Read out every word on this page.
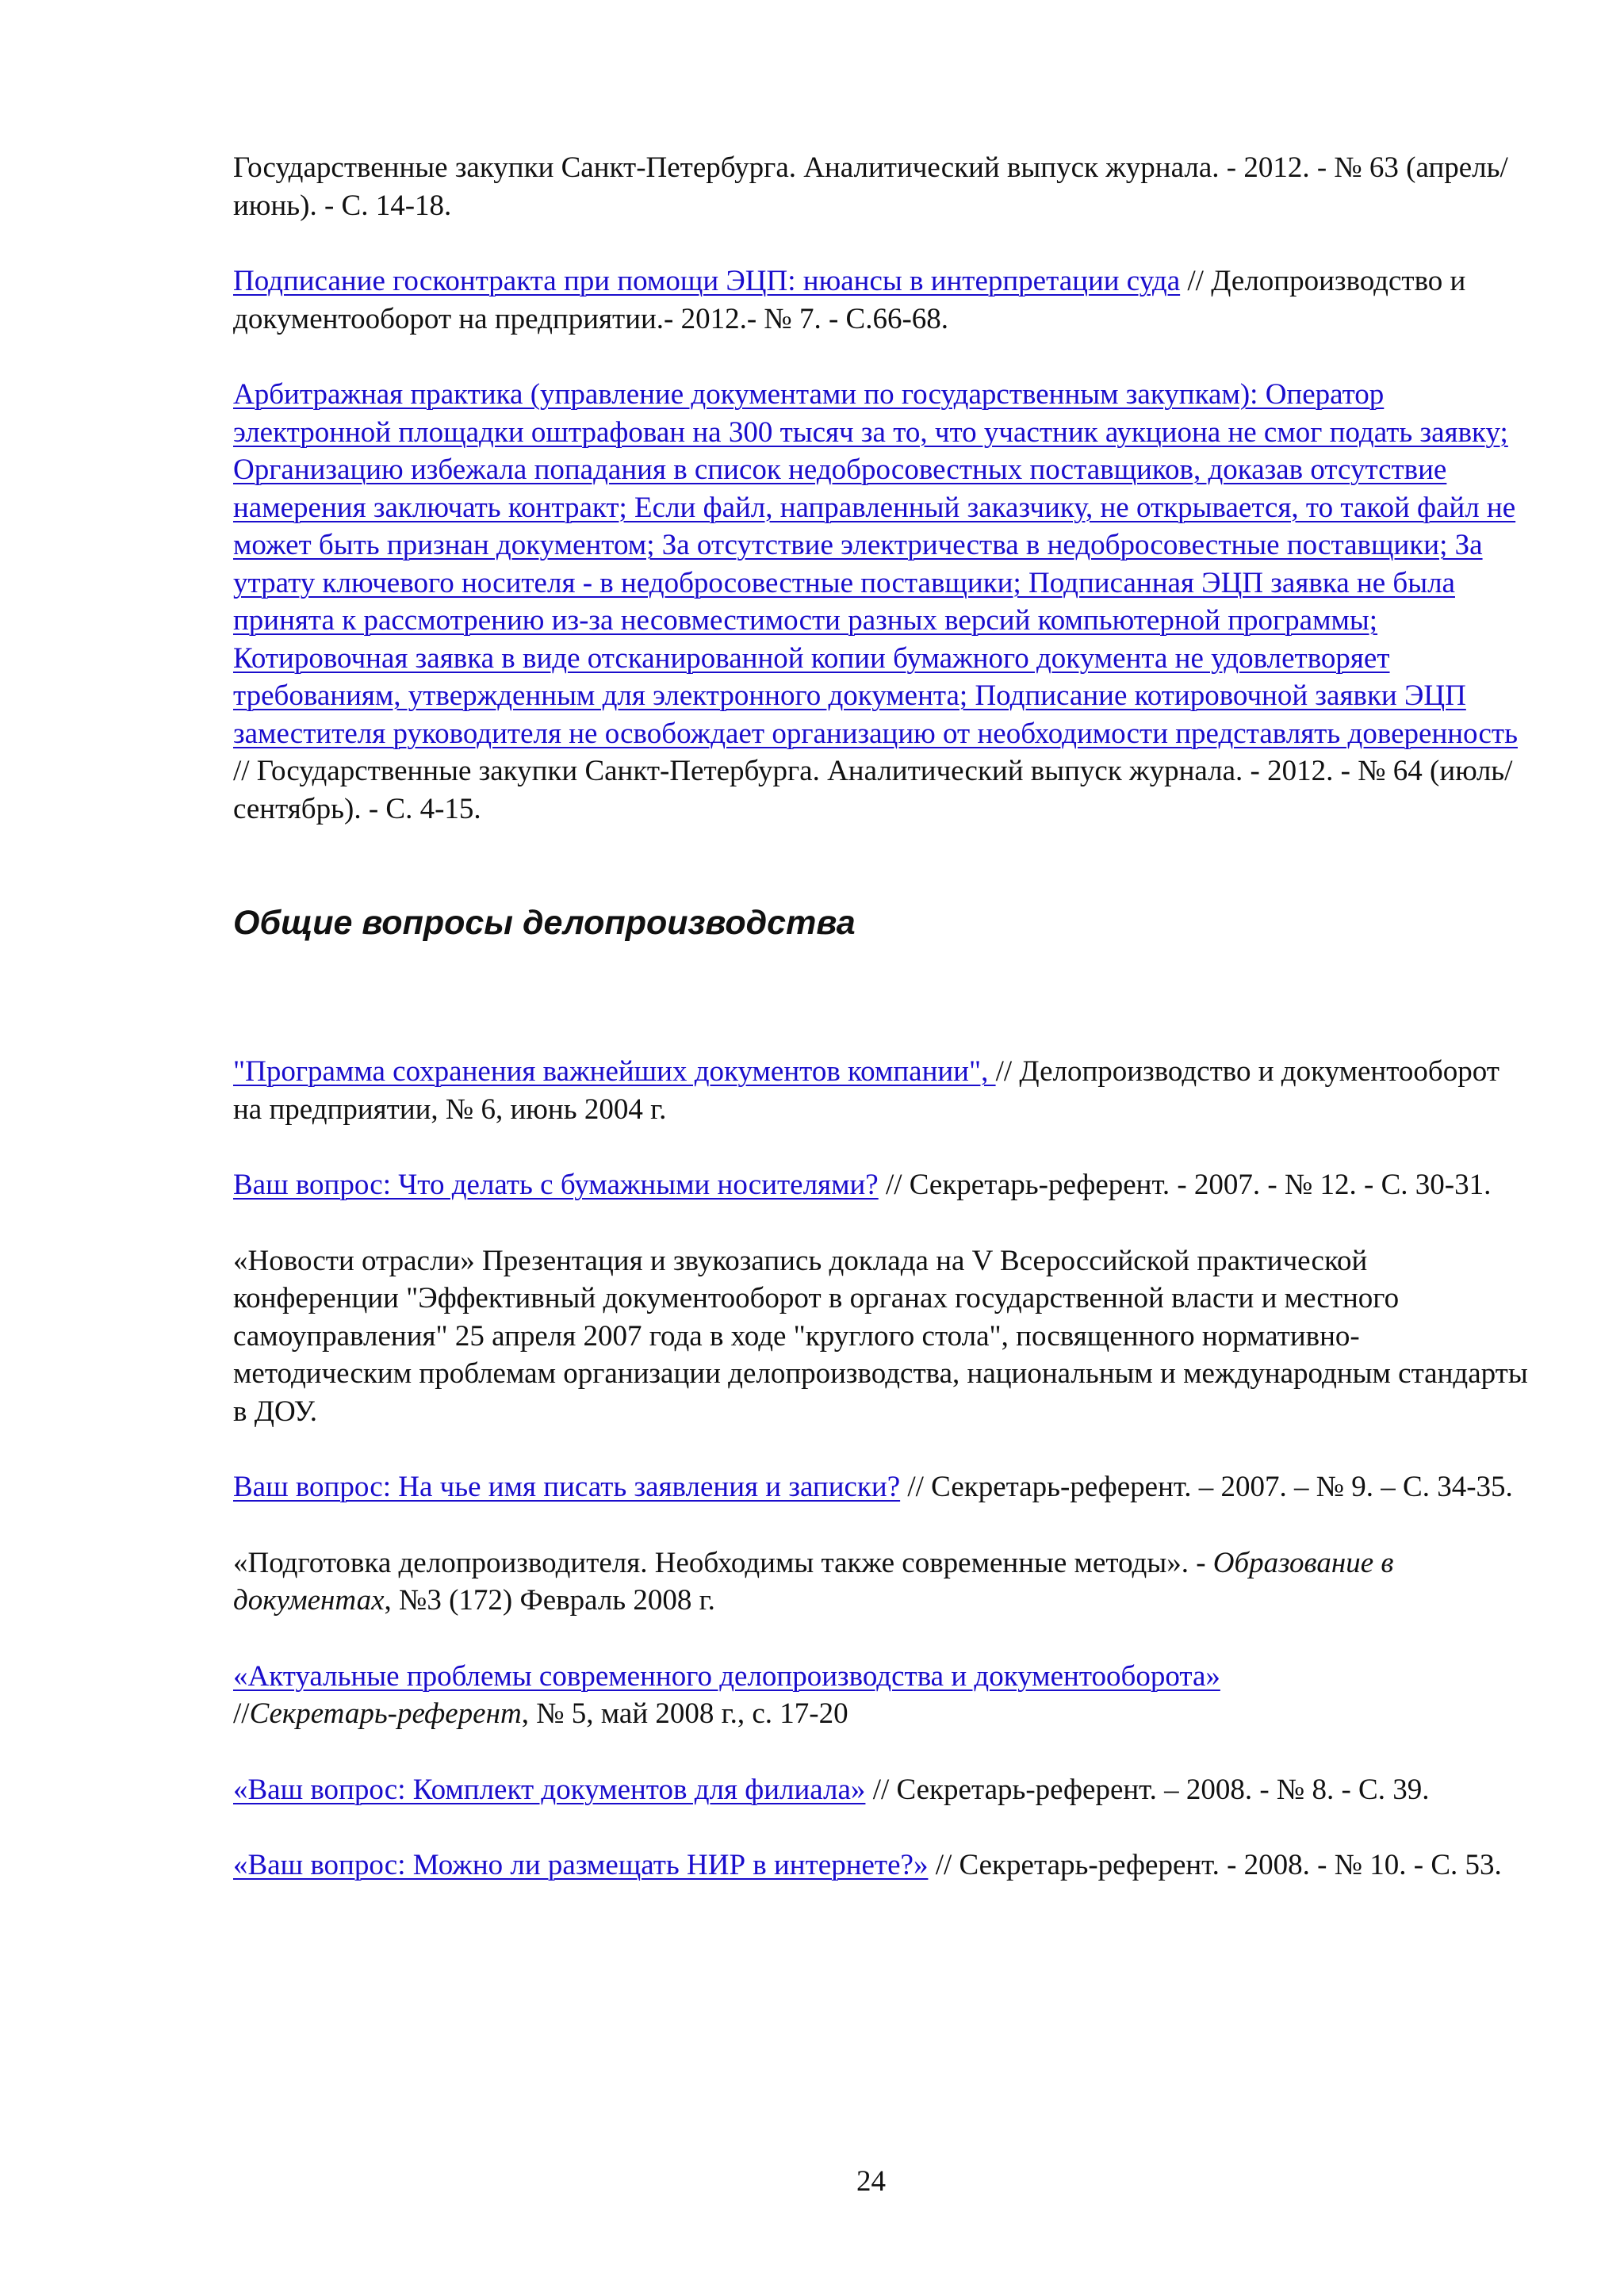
Государственные закупки Санкт-Петербурга. Аналитический выпуск журнала. - 2012. - № 63 (апрель/июнь). - С. 14-18.

Подписание госконтракта при помощи ЭЦП: нюансы в интерпретации суда // Делопроизводство и документооборот на предприятии.- 2012.- № 7. - С.66-68.

Арбитражная практика (управление документами по государственным закупкам): Оператор электронной площадки оштрафован на 300 тысяч за то, что участник аукциона не смог подать заявку; Организацию избежала попадания в список недобросовестных поставщиков, доказав отсутствие намерения заключать контракт; Если файл, направленный заказчику, не открывается, то такой файл не может быть признан документом; За отсутствие электричества в недобросовестные поставщики; За утрату ключевого носителя - в недобросовестные поставщики; Подписанная ЭЦП заявка не была принята к рассмотрению из-за несовместимости разных версий компьютерной программы; Котировочная заявка в виде отсканированной копии бумажного документа не удовлетворяет требованиям, утвержденным для электронного документа; Подписание котировочной заявки ЭЦП заместителя руководителя не освобождает организацию от необходимости представлять доверенность // Государственные закупки Санкт-Петербурга. Аналитический выпуск журнала. - 2012. - № 64 (июль/сентябрь). - С. 4-15.

Общие вопросы делопроизводства

"Программа сохранения важнейших документов компании", // Делопроизводство и документооборот на предприятии, № 6, июнь 2004 г.

Ваш вопрос: Что делать с бумажными носителями? // Секретарь-референт. - 2007. - № 12. - С. 30-31.

«Новости отрасли» Презентация и звукозапись доклада на V Всероссийской практической конференции "Эффективный документооборот в органах государственной власти и местного самоуправления" 25 апреля 2007 года в ходе "круглого стола", посвященного нормативно-методическим проблемам организации делопроизводства, национальным и международным стандарты в ДОУ.

Ваш вопрос: На чье имя писать заявления и записки? // Секретарь-референт. – 2007. – № 9. – С. 34-35.

«Подготовка делопроизводителя. Необходимы также современные методы». - Образование в документах, №3 (172) Февраль 2008 г.

«Актуальные проблемы современного делопроизводства и документооборота»
//Секретарь-референт, № 5, май 2008 г., с. 17-20

«Ваш вопрос: Комплект документов для филиала» // Секретарь-референт. – 2008. - № 8. - С. 39.

«Ваш вопрос: Можно ли размещать НИР в интернете?» // Секретарь-референт. - 2008. - № 10. - С. 53.

24
